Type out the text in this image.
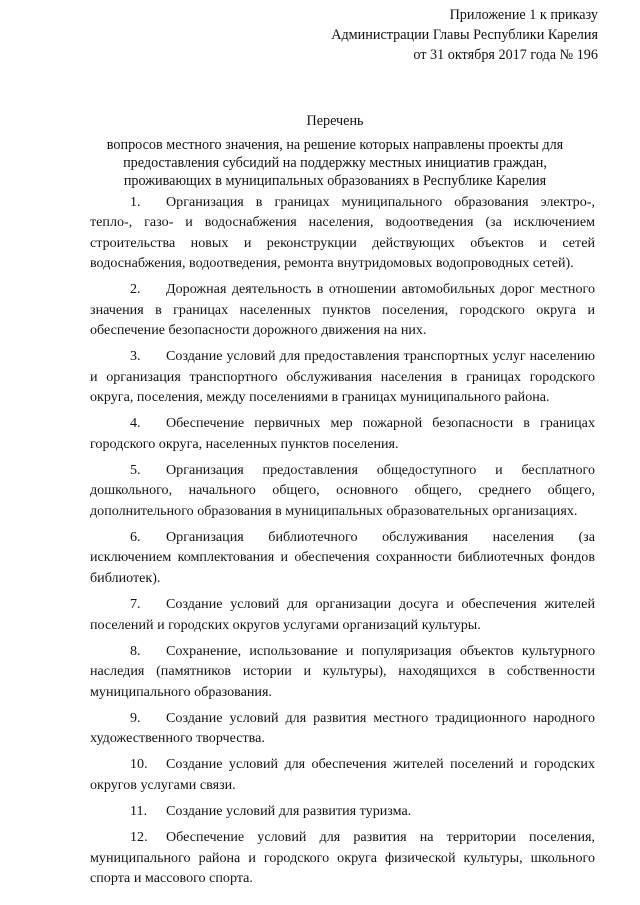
Приложение 1 к приказу
Администрации Главы Республики Карелия
от 31 октября 2017 года № 196
Перечень
вопросов местного значения, на решение которых направлены проекты для
предоставления субсидий на поддержку местных инициатив граждан,
проживающих в муниципальных образованиях в Республике Карелия
1. Организация в границах муниципального образования электро-, тепло-, газо- и водоснабжения населения, водоотведения (за исключением строительства новых и реконструкции действующих объектов и сетей водоснабжения, водоотведения, ремонта внутридомовых водопроводных сетей).
2. Дорожная деятельность в отношении автомобильных дорог местного значения в границах населенных пунктов поселения, городского округа и обеспечение безопасности дорожного движения на них.
3. Создание условий для предоставления транспортных услуг населению и организация транспортного обслуживания населения в границах городского округа, поселения, между поселениями в границах муниципального района.
4. Обеспечение первичных мер пожарной безопасности в границах городского округа, населенных пунктов поселения.
5. Организация предоставления общедоступного и бесплатного дошкольного, начального общего, основного общего, среднего общего, дополнительного образования в муниципальных образовательных организациях.
6. Организация библиотечного обслуживания населения (за исключением комплектования и обеспечения сохранности библиотечных фондов библиотек).
7. Создание условий для организации досуга и обеспечения жителей поселений и городских округов услугами организаций культуры.
8. Сохранение, использование и популяризация объектов культурного наследия (памятников истории и культуры), находящихся в собственности муниципального образования.
9. Создание условий для развития местного традиционного народного художественного творчества.
10. Создание условий для обеспечения жителей поселений и городских округов услугами связи.
11. Создание условий для развития туризма.
12. Обеспечение условий для развития на территории поселения, муниципального района и городского округа физической культуры, школьного спорта и массового спорта.
